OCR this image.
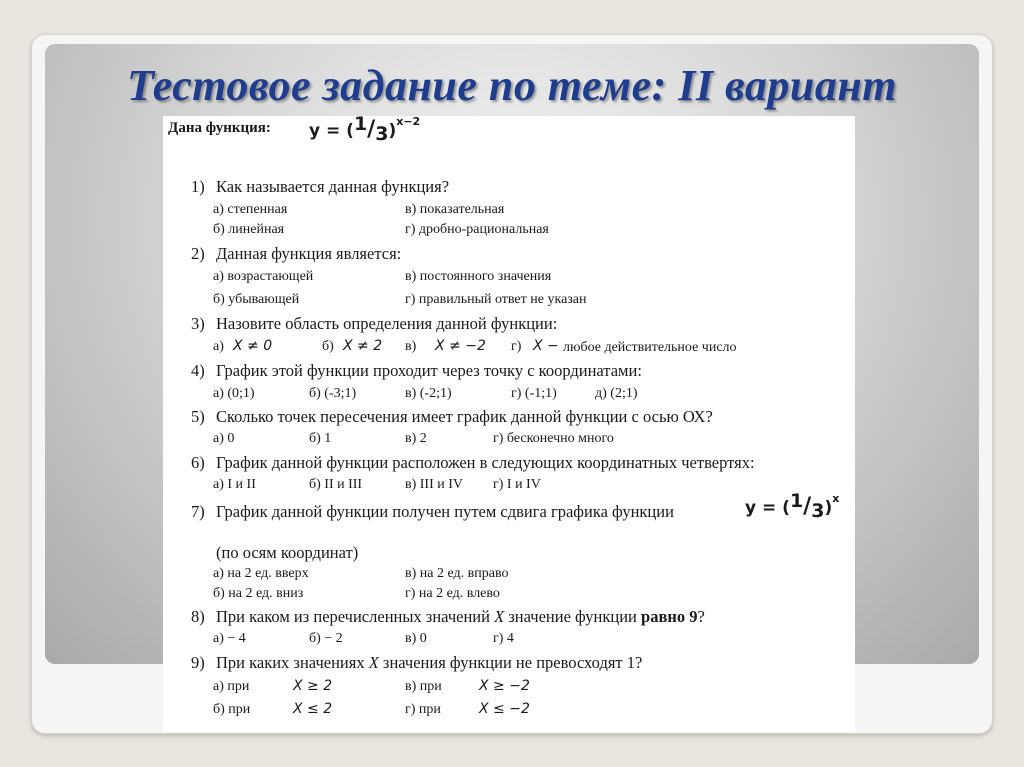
Тестовое задание по теме: II вариант
Дана функция: $y = (1/3)^{x-2}$
1) Как называется данная функция?
а) степенная	в) показательная
б) линейная	г) дробно-рациональная
2) Данная функция является:
а) возрастающей	в) постоянного значения
б) убывающей	г) правильный ответ не указан
3) Назовите область определения данной функции:
а) X ≠ 0	б) X ≠ 2 в) X ≠ −2 г) X − любое действительное число
4) График этой функции проходит через точку с координатами:
а) (0;1)	б) (-3;1)	в) (-2;1)	г) (-1;1)	д) (2;1)
5) Сколько точек пересечения имеет график данной функции с осью ОХ?
а) 0	б) 1	в) 2	г) бесконечно много
6) График данной функции расположен в следующих координатных четвертях:
а) I и II	б) II и III	в) III и IV г) I и IV
7) График данной функции получен путем сдвига графика функции	$y = (1/3)^x$
(по осям координат)
а) на 2 ед. вверх	в) на 2 ед. вправо
б) на 2 ед. вниз	г) на 2 ед. влево
8) При каком из перечисленных значений X значение функции равно 9?
а) − 4	б) − 2	в) 0	г) 4
9) При каких значениях X значения функции не превосходят 1?
а) при	X ≥ 2	в) при	X ≥ −2
б) при	X ≤ 2	г) при	X ≤ −2
